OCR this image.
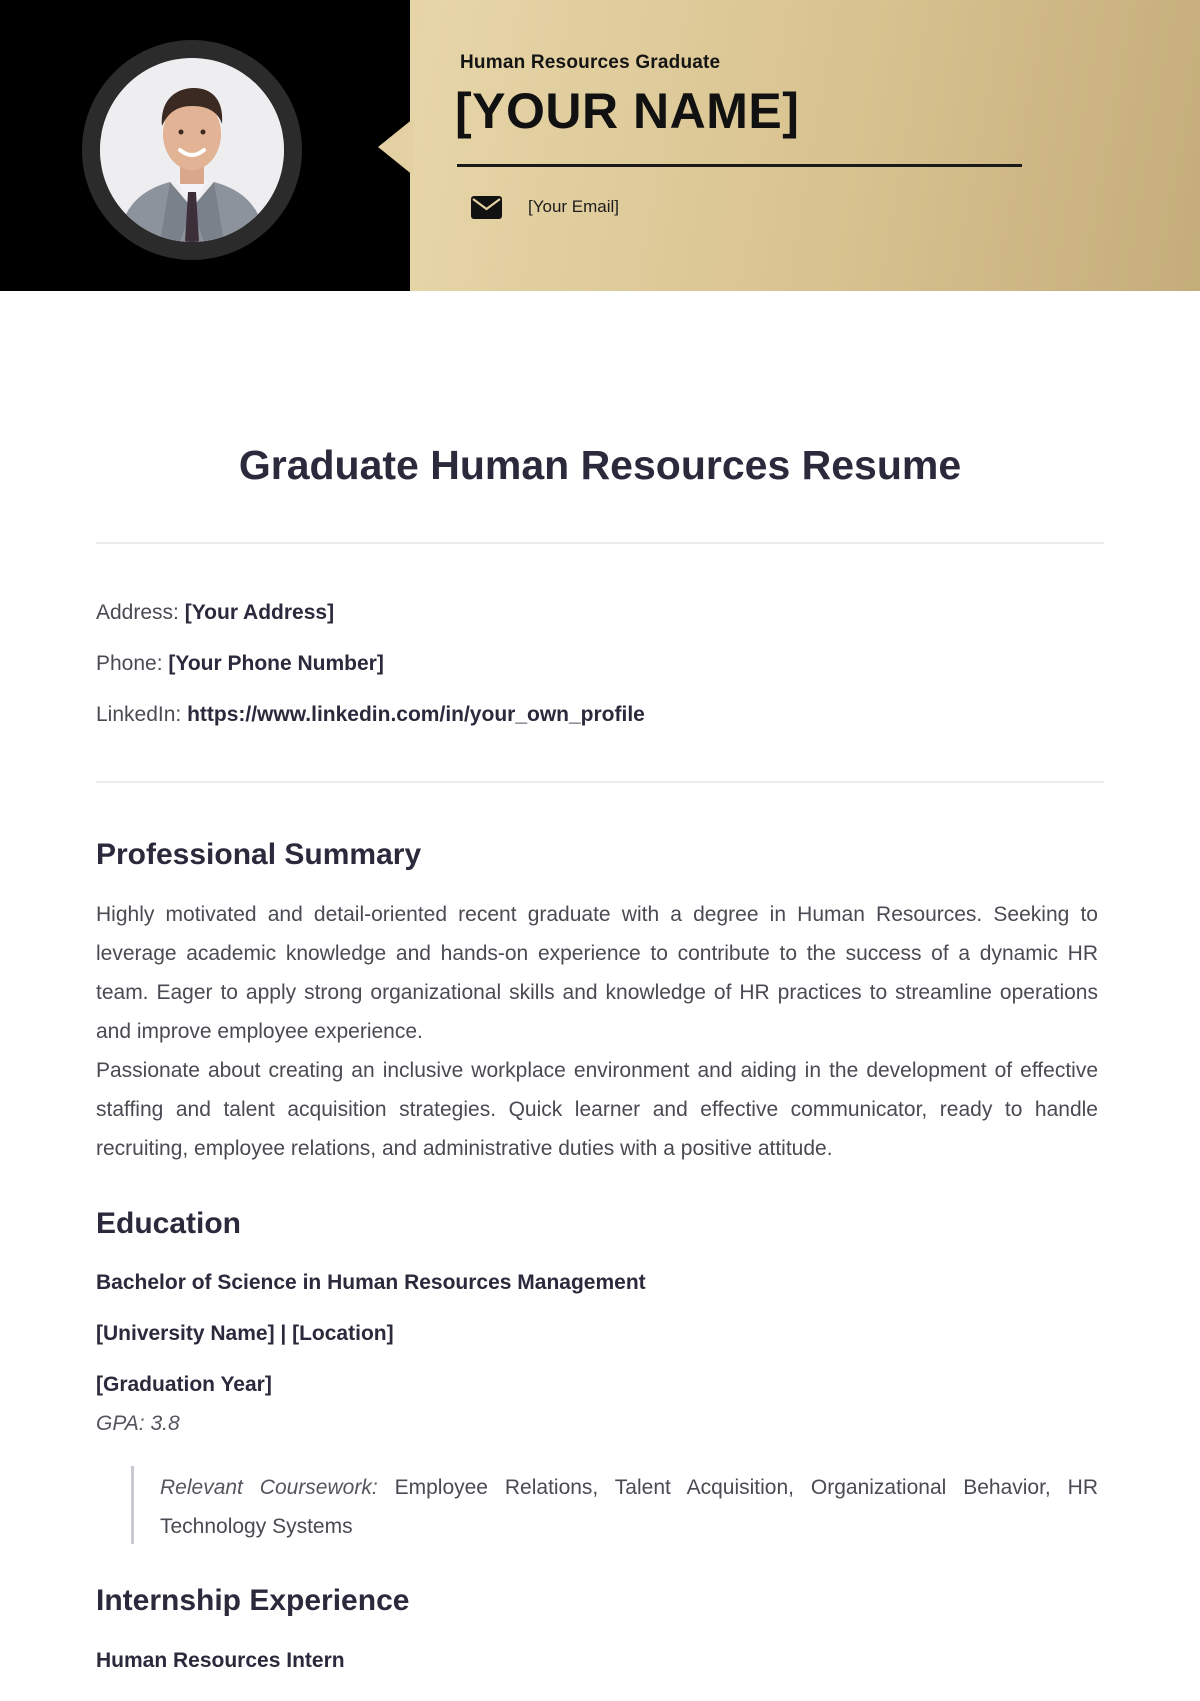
Human Resources Graduate
[YOUR NAME]
[Your Email]
Graduate Human Resources Resume
Address: [Your Address]
Phone: [Your Phone Number]
LinkedIn: https://www.linkedin.com/in/your_own_profile
Professional Summary
Highly motivated and detail-oriented recent graduate with a degree in Human Resources. Seeking to leverage academic knowledge and hands-on experience to contribute to the success of a dynamic HR team. Eager to apply strong organizational skills and knowledge of HR practices to streamline operations and improve employee experience.
Passionate about creating an inclusive workplace environment and aiding in the development of effective staffing and talent acquisition strategies. Quick learner and effective communicator, ready to handle recruiting, employee relations, and administrative duties with a positive attitude.
Education
Bachelor of Science in Human Resources Management
[University Name] | [Location]
[Graduation Year]
GPA: 3.8
Relevant Coursework: Employee Relations, Talent Acquisition, Organizational Behavior, HR Technology Systems
Internship Experience
Human Resources Intern
